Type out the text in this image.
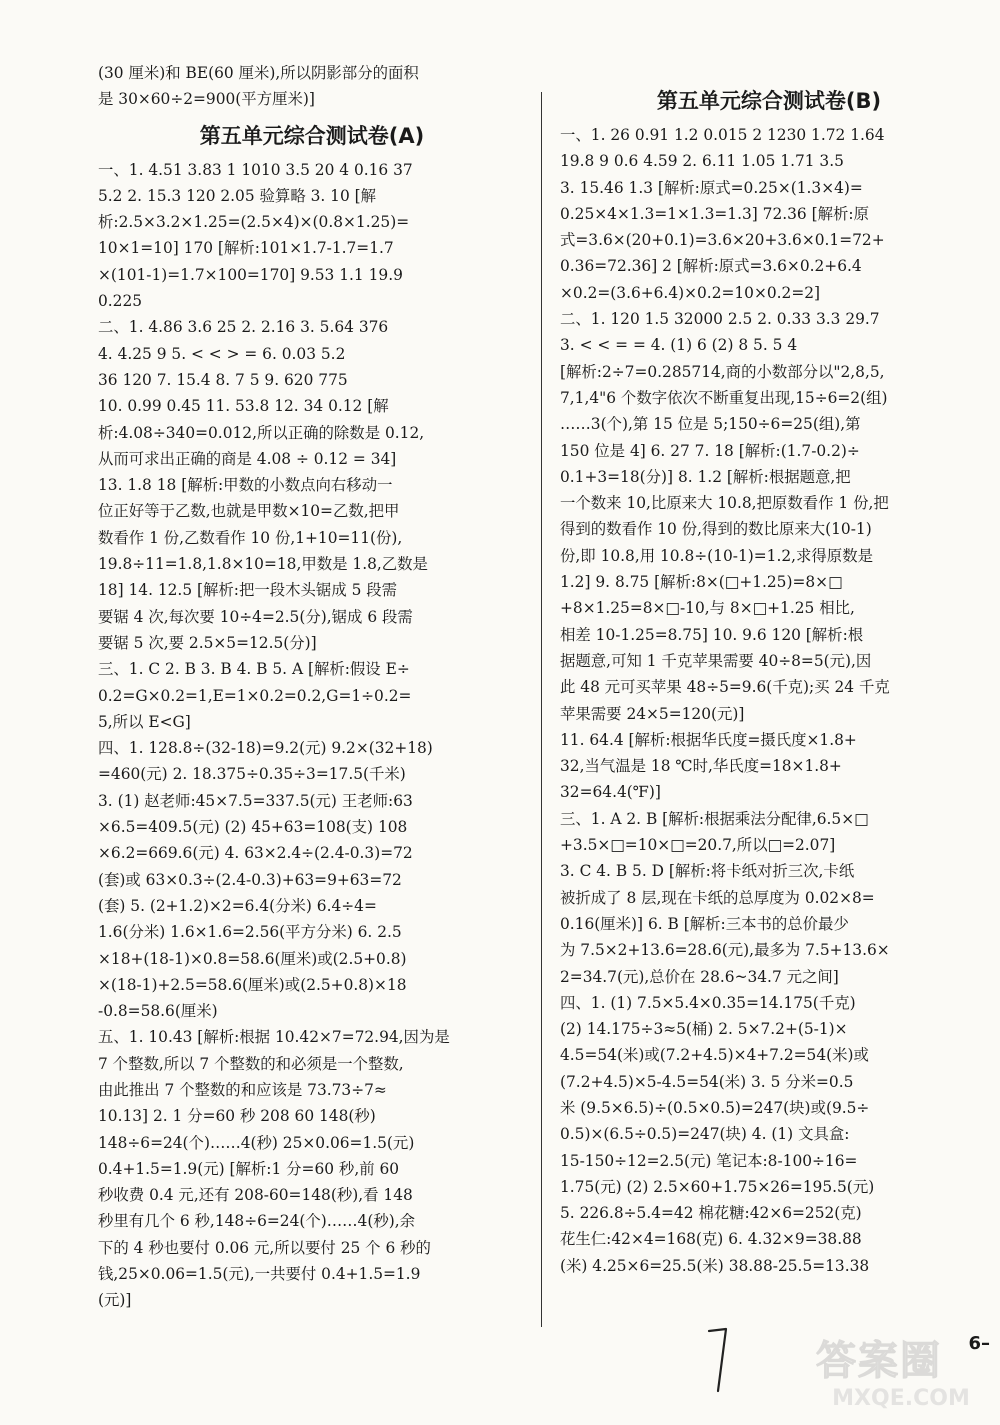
(30 厘米)和 BE(60 厘米),所以阴影部分的面积
是 30×60÷2=900(平方厘米)]
第五单元综合测试卷(A)
一、1. 4.51 3.83 1 1010 3.5 20 4 0.16 37
5.2 2. 15.3 120 2.05 验算略 3. 10 [解
析:2.5×3.2×1.25=(2.5×4)×(0.8×1.25)=
10×1=10] 170 [解析:101×1.7-1.7=1.7
×(101-1)=1.7×100=170] 9.53 1.1 19.9
0.225
二、1. 4.86 3.6 25 2. 2.16 3. 5.64 376
4. 4.25 9 5. < < > = 6. 0.03 5.2
36 120 7. 15.4 8. 7 5 9. 620 775
10. 0.99 0.45 11. 53.8 12. 34 0.12 [解
析:4.08÷340=0.012,所以正确的除数是 0.12,
从而可求出正确的商是 4.08 ÷ 0.12 = 34]
13. 1.8 18 [解析:甲数的小数点向右移动一
位正好等于乙数,也就是甲数×10=乙数,把甲
数看作 1 份,乙数看作 10 份,1+10=11(份),
19.8÷11=1.8,1.8×10=18,甲数是 1.8,乙数是
18] 14. 12.5 [解析:把一段木头锯成 5 段需
要锯 4 次,每次要 10÷4=2.5(分),锯成 6 段需
要锯 5 次,要 2.5×5=12.5(分)]
三、1. C 2. B 3. B 4. B 5. A [解析:假设 E÷
0.2=G×0.2=1,E=1×0.2=0.2,G=1÷0.2=
5,所以 E<G]
四、1. 128.8÷(32-18)=9.2(元) 9.2×(32+18)
=460(元) 2. 18.375÷0.35÷3=17.5(千米)
3. (1) 赵老师:45×7.5=337.5(元) 王老师:63
×6.5=409.5(元) (2) 45+63=108(支) 108
×6.2=669.6(元) 4. 63×2.4÷(2.4-0.3)=72
(套)或 63×0.3÷(2.4-0.3)+63=9+63=72
(套) 5. (2+1.2)×2=6.4(分米) 6.4÷4=
1.6(分米) 1.6×1.6=2.56(平方分米) 6. 2.5
×18+(18-1)×0.8=58.6(厘米)或(2.5+0.8)
×(18-1)+2.5=58.6(厘米)或(2.5+0.8)×18
-0.8=58.6(厘米)
五、1. 10.43 [解析:根据 10.42×7=72.94,因为是
7 个整数,所以 7 个整数的和必须是一个整数,
由此推出 7 个整数的和应该是 73.73÷7≈
10.13] 2. 1 分=60 秒 208 60 148(秒)
148÷6=24(个)……4(秒) 25×0.06=1.5(元)
0.4+1.5=1.9(元) [解析:1 分=60 秒,前 60
秒收费 0.4 元,还有 208-60=148(秒),看 148
秒里有几个 6 秒,148÷6=24(个)……4(秒),余
下的 4 秒也要付 0.06 元,所以要付 25 个 6 秒的
钱,25×0.06=1.5(元),一共要付 0.4+1.5=1.9
(元)]
第五单元综合测试卷(B)
一、1. 26 0.91 1.2 0.015 2 1230 1.72 1.64
19.8 9 0.6 4.59 2. 6.11 1.05 1.71 3.5
3. 15.46 1.3 [解析:原式=0.25×(1.3×4)=
0.25×4×1.3=1×1.3=1.3] 72.36 [解析:原
式=3.6×(20+0.1)=3.6×20+3.6×0.1=72+
0.36=72.36] 2 [解析:原式=3.6×0.2+6.4
×0.2=(3.6+6.4)×0.2=10×0.2=2]
二、1. 120 1.5 32000 2.5 2. 0.33 3.3 29.7
3. < < = = 4. (1) 6 (2) 8 5. 5 4
[解析:2÷7=0.285714,商的小数部分以"2,8,5,
7,1,4"6 个数字依次不断重复出现,15÷6=2(组)
……3(个),第 15 位是 5;150÷6=25(组),第
150 位是 4] 6. 27 7. 18 [解析:(1.7-0.2)÷
0.1+3=18(分)] 8. 1.2 [解析:根据题意,把
一个数来 10,比原来大 10.8,把原数看作 1 份,把
得到的数看作 10 份,得到的数比原来大(10-1)
份,即 10.8,用 10.8÷(10-1)=1.2,求得原数是
1.2] 9. 8.75 [解析:8×(□+1.25)=8×□
+8×1.25=8×□-10,与 8×□+1.25 相比,
相差 10-1.25=8.75] 10. 9.6 120 [解析:根
据题意,可知 1 千克苹果需要 40÷8=5(元),因
此 48 元可买苹果 48÷5=9.6(千克);买 24 千克
苹果需要 24×5=120(元)]
11. 64.4 [解析:根据华氏度=摄氏度×1.8+
32,当气温是 18 ℃时,华氏度=18×1.8+
32=64.4(℉)]
三、1. A 2. B [解析:根据乘法分配律,6.5×□
+3.5×□=10×□=20.7,所以□=2.07]
3. C 4. B 5. D [解析:将卡纸对折三次,卡纸
被折成了 8 层,现在卡纸的总厚度为 0.02×8=
0.16(厘米)] 6. B [解析:三本书的总价最少
为 7.5×2+13.6=28.6(元),最多为 7.5+13.6×
2=34.7(元),总价在 28.6~34.7 元之间]
四、1. (1) 7.5×5.4×0.35=14.175(千克)
(2) 14.175÷3≈5(桶) 2. 5×7.2+(5-1)×
4.5=54(米)或(7.2+4.5)×4+7.2=54(米)或
(7.2+4.5)×5-4.5=54(米) 3. 5 分米=0.5
米 (9.5×6.5)÷(0.5×0.5)=247(块)或(9.5÷
0.5)×(6.5÷0.5)=247(块) 4. (1) 文具盒:
15-150÷12=2.5(元) 笔记本:8-100÷16=
1.75(元) (2) 2.5×60+1.75×26=195.5(元)
5. 226.8÷5.4=42 棉花糖:42×6=252(克)
花生仁:42×4=168(克) 6. 4.32×9=38.88
(米) 4.25×6=25.5(米) 38.88-25.5=13.38
6–
答案圈
MXQE.COM
